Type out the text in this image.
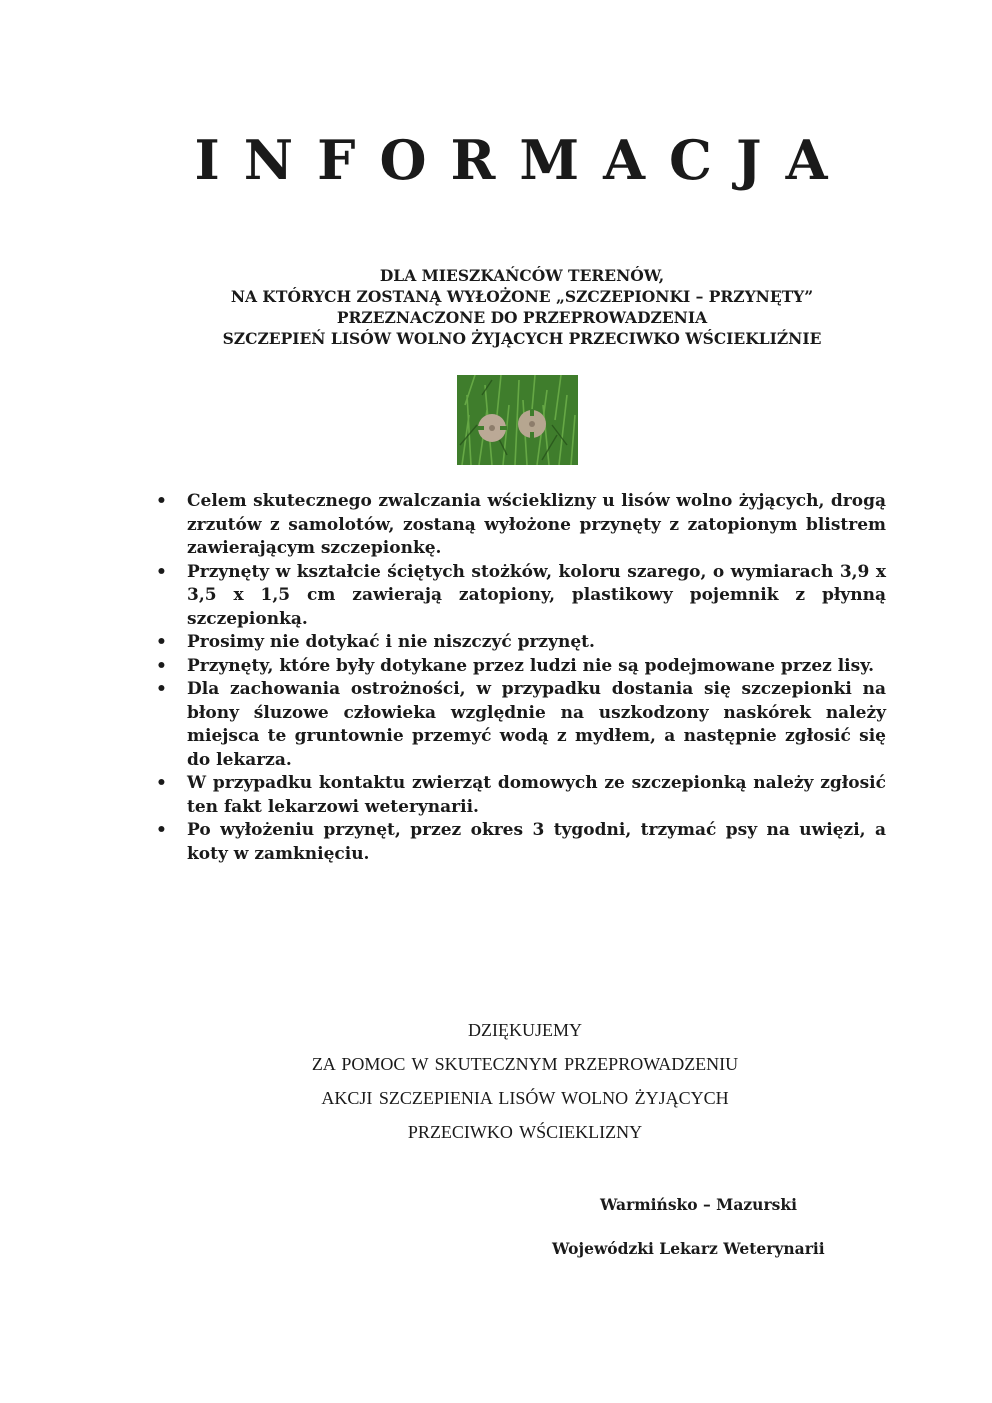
INFORMACJA
DLA MIESZKAŃCÓW TERENÓW,
NA KTÓRYCH ZOSTANĄ WYŁOŻONE „SZCZEPIONKI – PRZYNĘTY”
PRZEZNACZONE DO PRZEPROWADZENIA
SZCZEPIEŃ LISÓW WOLNO ŻYJĄCYCH PRZECIWKO WŚCIEKLIŹNIE
• Celem skutecznego zwalczania wścieklizny u lisów wolno żyjących, drogą zrzutów z samolotów, zostaną wyłożone przynęty z zatopionym blistrem zawierającym szczepionkę.
• Przynęty w kształcie ściętych stożków, koloru szarego, o wymiarach 3,9 x 3,5 x 1,5 cm zawierają zatopiony, plastikowy pojemnik z płynną szczepionką.
• Prosimy nie dotykać i nie niszczyć przynęt.
• Przynęty, które były dotykane przez ludzi nie są podejmowane przez lisy.
• Dla zachowania ostrożności, w przypadku dostania się szczepionki na błony śluzowe człowieka względnie na uszkodzony naskórek należy miejsca te gruntownie przemyć wodą z mydłem, a następnie zgłosić się do lekarza.
• W przypadku kontaktu zwierząt domowych ze szczepionką należy zgłosić ten fakt lekarzowi weterynarii.
• Po wyłożeniu przynęt, przez okres 3 tygodni, trzymać psy na uwięzi, a koty w zamknięciu.
DZIĘKUJEMY
ZA POMOC W SKUTECZNYM PRZEPROWADZENIU
AKCJI SZCZEPIENIA LISÓW WOLNO ŻYJĄCYCH
PRZECIWKO WŚCIEKLIZNY
Warmińsko – Mazurski
Wojewódzki Lekarz Weterynarii
